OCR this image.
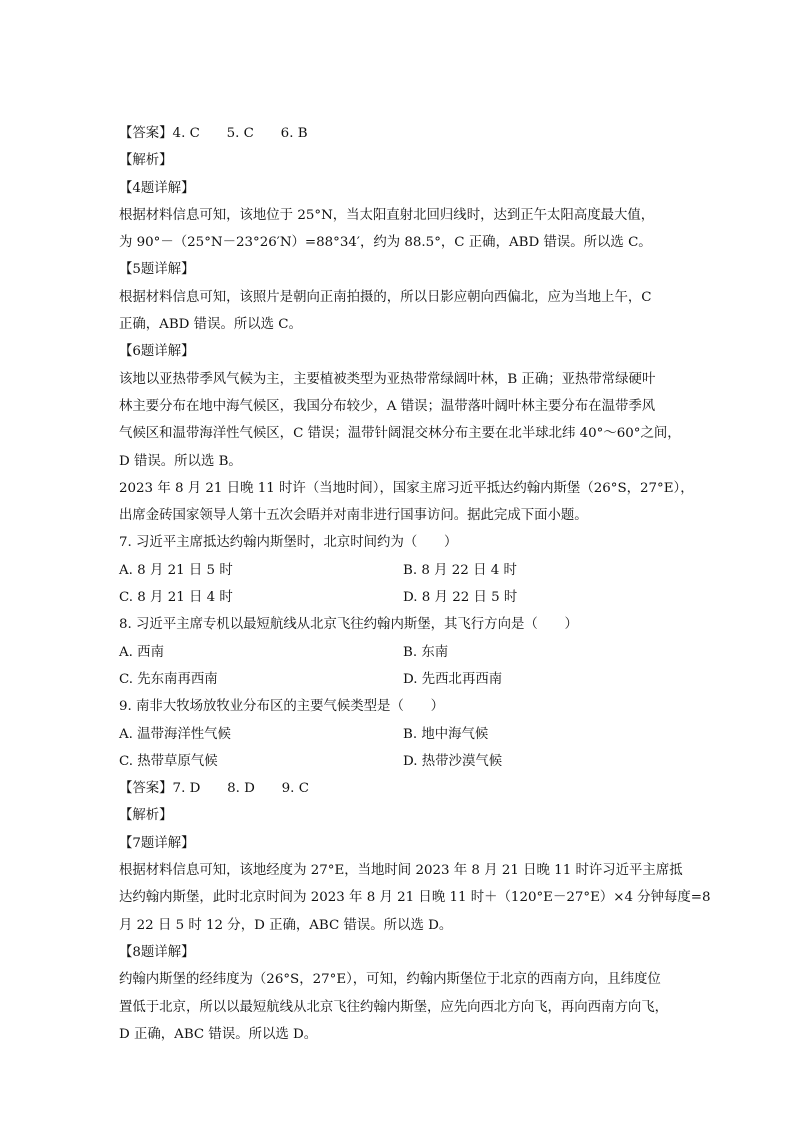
【答案】4. C　　5. C　　6. B
【解析】
【4题详解】
根据材料信息可知，该地位于 25°N，当太阳直射北回归线时，达到正午太阳高度最大值，
为 90°－（25°N－23°26′N）=88°34′，约为 88.5°，C 正确，ABD 错误。所以选 C。
【5题详解】
根据材料信息可知，该照片是朝向正南拍摄的，所以日影应朝向西偏北，应为当地上午，C
正确，ABD 错误。所以选 C。
【6题详解】
该地以亚热带季风气候为主，主要植被类型为亚热带常绿阔叶林，B 正确；亚热带常绿硬叶
林主要分布在地中海气候区，我国分布较少，A 错误；温带落叶阔叶林主要分布在温带季风
气候区和温带海洋性气候区，C 错误；温带针阔混交林分布主要在北半球北纬 40°～60°之间，
D 错误。所以选 B。
2023 年 8 月 21 日晚 11 时许（当地时间），国家主席习近平抵达约翰内斯堡（26°S，27°E），
出席金砖国家领导人第十五次会晤并对南非进行国事访问。据此完成下面小题。
7. 习近平主席抵达约翰内斯堡时，北京时间约为（　　）
A. 8 月 21 日 5 时	B. 8 月 22 日 4 时
C. 8 月 21 日 4 时	D. 8 月 22 日 5 时
8. 习近平主席专机以最短航线从北京飞往约翰内斯堡，其飞行方向是（　　）
A. 西南	B. 东南
C. 先东南再西南	D. 先西北再西南
9. 南非大牧场放牧业分布区的主要气候类型是（　　）
A. 温带海洋性气候	B. 地中海气候
C. 热带草原气候	D. 热带沙漠气候
【答案】7. D　　8. D　　9. C
【解析】
【7题详解】
根据材料信息可知，该地经度为 27°E，当地时间 2023 年 8 月 21 日晚 11 时许习近平主席抵
达约翰内斯堡，此时北京时间为 2023 年 8 月 21 日晚 11 时＋（120°E－27°E）×4 分钟每度=8
月 22 日 5 时 12 分，D 正确，ABC 错误。所以选 D。
【8题详解】
约翰内斯堡的经纬度为（26°S，27°E），可知，约翰内斯堡位于北京的西南方向，且纬度位
置低于北京，所以以最短航线从北京飞往约翰内斯堡，应先向西北方向飞，再向西南方向飞，
D 正确，ABC 错误。所以选 D。
